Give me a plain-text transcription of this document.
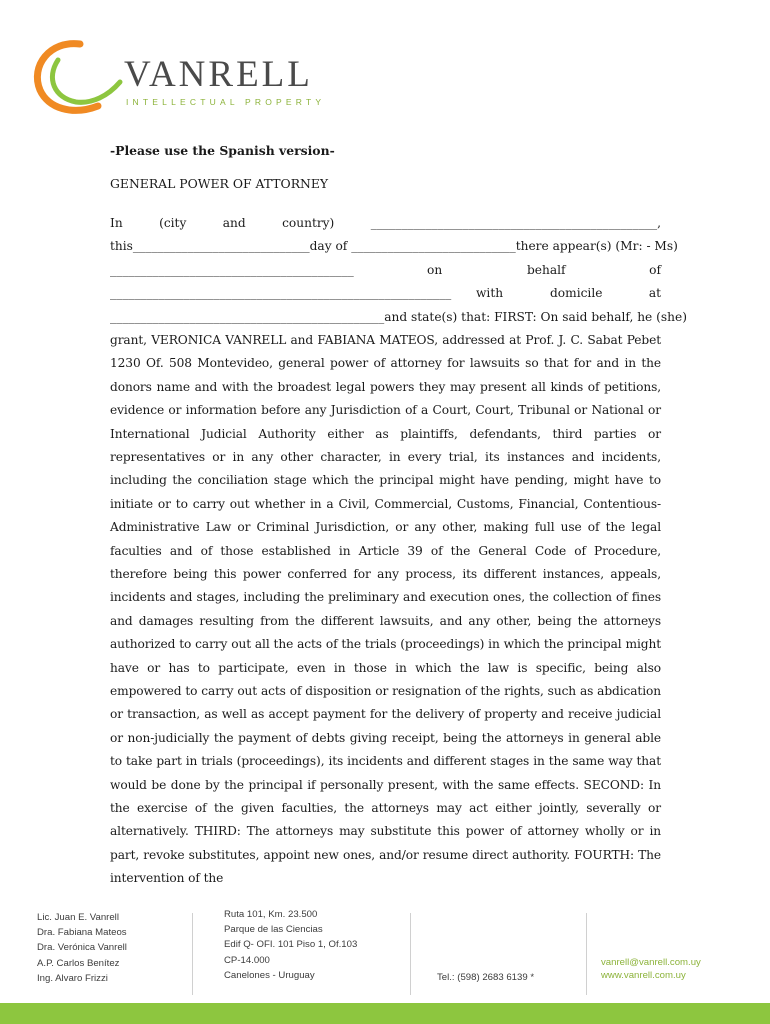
VANRELL
INTELLECTUAL PROPERTY

-Please use the Spanish version-

GENERAL POWER OF ATTORNEY
In	(city	and	country)	_______________________________________________,
this_____________________________ day of ___________________________ there appear(s) (Mr: - Ms)
________________________________________	on	behalf	of
________________________________________________________	with	domicile	at
_____________________________________________and state(s) that: FIRST: On said behalf, he (she)

grant, VERONICA VANRELL and FABIANA MATEOS, addressed at Prof. J. C. Sabat Pebet 1230 Of. 508 Montevideo, general power of attorney for lawsuits so that for and in the donors name and with the broadest legal powers they may present all kinds of petitions, evidence or information before any Jurisdiction of a Court, Court, Tribunal or National or International Judicial Authority either as plaintiffs, defendants, third parties or representatives or in any other character, in every trial, its instances and incidents, including the conciliation stage which the principal might have pending, might have to initiate or to carry out whether in a Civil, Commercial, Customs, Financial, Contentious-Administrative Law or Criminal Jurisdiction, or any other, making full use of the legal faculties and of those established in Article 39 of the General Code of Procedure, therefore being this power conferred for any process, its different instances, appeals, incidents and stages, including the preliminary and execution ones, the collection of fines and damages resulting from the different lawsuits, and any other, being the attorneys authorized to carry out all the acts of the trials (proceedings) in which the principal might have or has to participate, even in those in which the law is specific, being also empowered to carry out acts of disposition or resignation of the rights, such as abdication or transaction, as well as accept payment for the delivery of property and receive judicial or non-judicially the payment of debts giving receipt, being the attorneys in general able to take part in trials (proceedings), its incidents and different stages in the same way that would be done by the principal if personally present, with the same effects. SECOND: In the exercise of the given faculties, the attorneys may act either jointly, severally or alternatively. THIRD: The attorneys may substitute this power of attorney wholly or in part, revoke substitutes, appoint new ones, and/or resume direct authority. FOURTH: The intervention of the

Lic. Juan E. Vanrell
Dra. Fabiana Mateos
Dra. Verónica Vanrell
A.P. Carlos Benítez
Ing. Alvaro Frizzi
Ruta 101, Km. 23.500
Parque de las Ciencias
Edif Q- OFI. 101 Piso 1, Of.103
CP-14.000
Canelones - Uruguay	Tel.: (598) 2683 6139 *
vanrell@vanrell.com.uy
www.vanrell.com.uy
